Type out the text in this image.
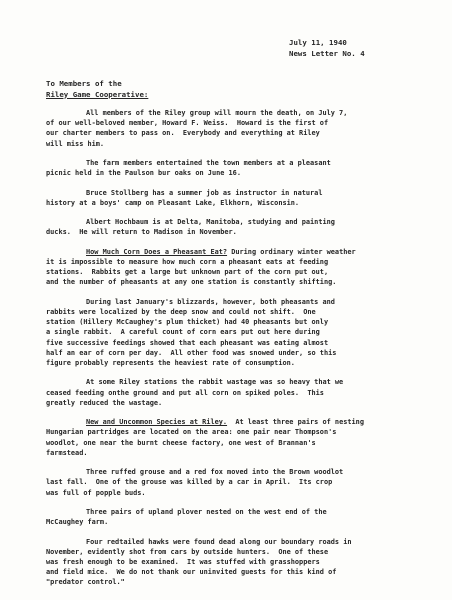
July 11, 1940
News Letter No. 4
To Members of the
Riley Game Cooperative:
All members of the Riley group will mourn the death, on July 7,
of our well-beloved member, Howard F. Weiss.  Howard is the first of
our charter members to pass on.  Everybody and everything at Riley
will miss him.
The farm members entertained the town members at a pleasant
picnic held in the Paulson bur oaks on June 16.
Bruce Stollberg has a summer job as instructor in natural
history at a boys' camp on Pleasant Lake, Elkhorn, Wisconsin.
Albert Hochbaum is at Delta, Manitoba, studying and painting
ducks.  He will return to Madison in November.
How Much Corn Does a Pheasant Eat? During ordinary winter weather
it is impossible to measure how much corn a pheasant eats at feeding
stations.  Rabbits get a large but unknown part of the corn put out,
and the number of pheasants at any one station is constantly shifting.
During last January's blizzards, however, both pheasants and
rabbits were localized by the deep snow and could not shift.  One
station (Hillery McCaughey's plum thicket) had 40 pheasants but only
a single rabbit.  A careful count of corn ears put out here during
five successive feedings showed that each pheasant was eating almost
half an ear of corn per day.  All other food was snowed under, so this
figure probably represents the heaviest rate of consumption.
At some Riley stations the rabbit wastage was so heavy that we
ceased feeding onthe ground and put all corn on spiked poles.  This
greatly reduced the wastage.
New and Uncommon Species at Riley.  At least three pairs of nesting
Hungarian partridges are located on the area: one pair near Thompson's
woodlot, one near the burnt cheese factory, one west of Brannan's
farmstead.
Three ruffed grouse and a red fox moved into the Brown woodlot
last fall.  One of the grouse was killed by a car in April.  Its crop
was full of popple buds.
Three pairs of upland plover nested on the west end of the
McCaughey farm.
Four redtailed hawks were found dead along our boundary roads in
November, evidently shot from cars by outside hunters.  One of these
was fresh enough to be examined.  It was stuffed with grasshoppers
and field mice.  We do not thank our uninvited guests for this kind of
"predator control."
